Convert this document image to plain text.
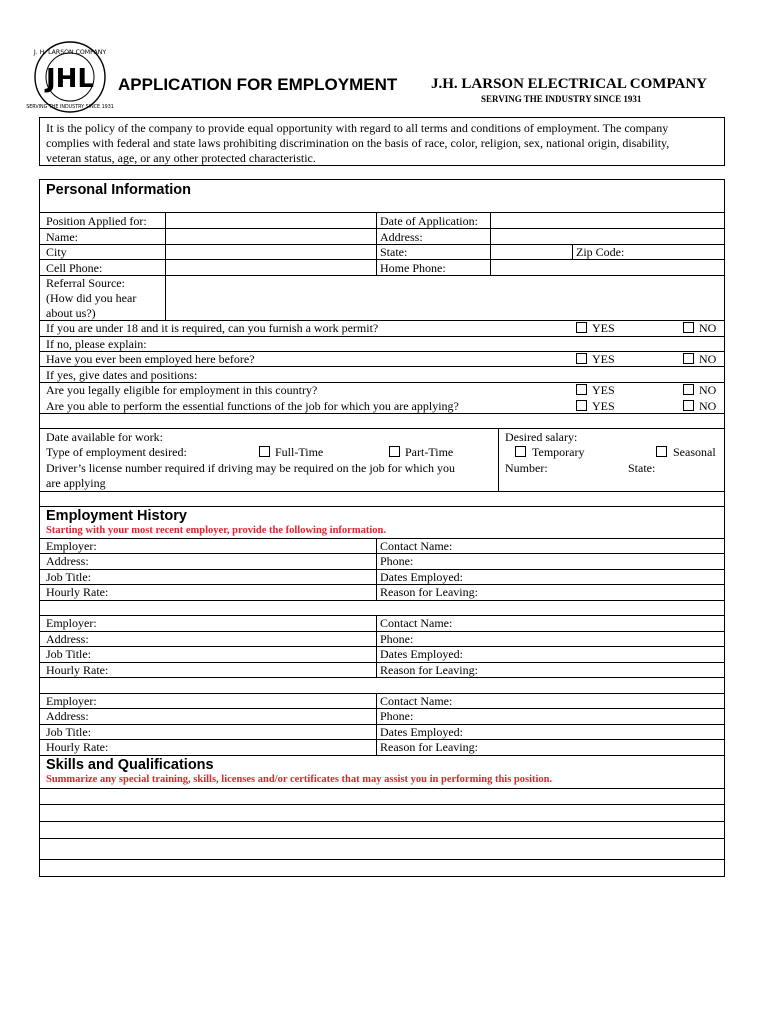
JHL
J. H. LARSON COMPANY
SERVING THE INDUSTRY SINCE 1931
APPLICATION FOR EMPLOYMENT J.H. LARSON ELECTRICAL COMPANY
SERVING THE INDUSTRY SINCE 1931
It is the policy of the company to provide equal opportunity with regard to all terms and conditions of employment. The company
complies with federal and state laws prohibiting discrimination on the basis of race, color, religion, sex, national origin, disability,
veteran status, age, or any other protected characteristic.
Personal Information
Position Applied for:	Date of Application:
Name:	Address:
City	State:	Zip Code:
Cell Phone:	Home Phone:
Referral Source:
(How did you hear
about us?)
If you are under 18 and it is required, can you furnish a work permit?	YES	NO
If no, please explain:
Have you ever been employed here before?	YES	NO
If yes, give dates and positions:
Are you legally eligible for employment in this country?	YES	NO
Are you able to perform the essential functions of the job for which you are applying?	YES	NO
Date available for work:	Desired salary:
Type of employment desired:	Full-Time	Part-Time	Temporary	Seasonal
Driver’s license number required if driving may be required on the job for which you
are applying
Number:	State:
Employment History
Starting with your most recent employer, provide the following information.
Employer:	Contact Name:
Address:	Phone:
Job Title:	Dates Employed:
Hourly Rate:	Reason for Leaving:
Employer:	Contact Name:
Address:	Phone:
Job Title:	Dates Employed:
Hourly Rate:	Reason for Leaving:
Employer:	Contact Name:
Address:	Phone:
Job Title:	Dates Employed:
Hourly Rate:	Reason for Leaving:
Skills and Qualifications
Summarize any special training, skills, licenses and/or certificates that may assist you in performing this position.
